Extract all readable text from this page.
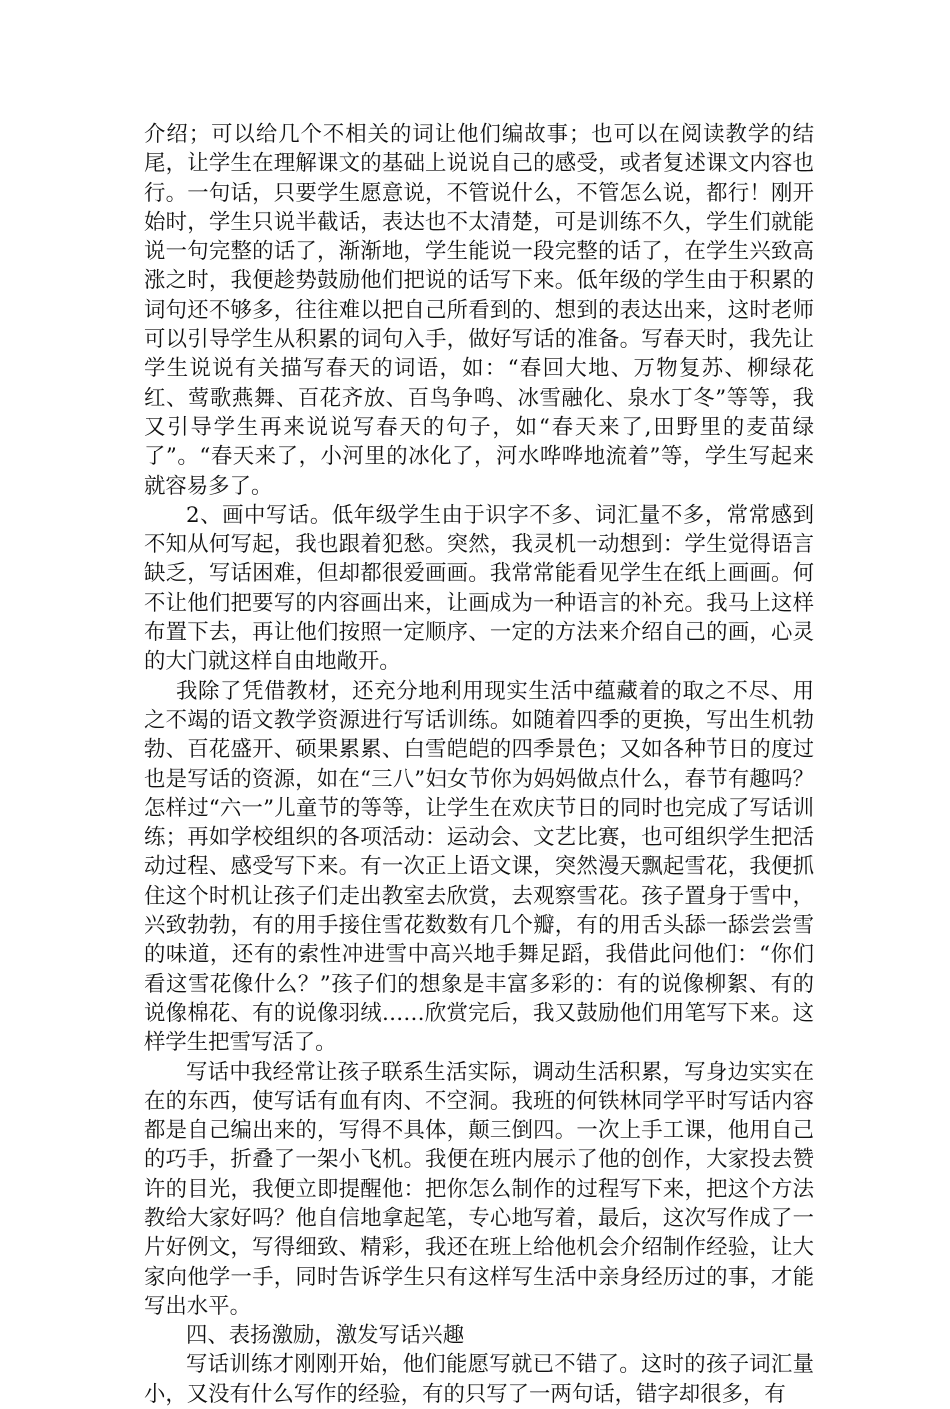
介绍；可以给几个不相关的词让他们编故事；也可以在阅读教学的结尾，让学生在理解课文的基础上说说自己的感受，或者复述课文内容也行。一句话，只要学生愿意说，不管说什么，不管怎么说，都行！刚开始时，学生只说半截话，表达也不太清楚，可是训练不久，学生们就能说一句完整的话了，渐渐地，学生能说一段完整的话了，在学生兴致高涨之时，我便趁势鼓励他们把说的话写下来。低年级的学生由于积累的词句还不够多，往往难以把自己所看到的、想到的表达出来，这时老师可以引导学生从积累的词句入手，做好写话的准备。写春天时，我先让学生说说有关描写春天的词语，如：“春回大地、万物复苏、柳绿花红、莺歌燕舞、百花齐放、百鸟争鸣、冰雪融化、泉水丁冬”等等，我又引导学生再来说说写春天的句子，如“春天来了,田野里的麦苗绿了”。“春天来了，小河里的冰化了，河水哗哗地流着”等，学生写起来就容易多了。

2、画中写话。低年级学生由于识字不多、词汇量不多，常常感到不知从何写起，我也跟着犯愁。突然，我灵机一动想到：学生觉得语言缺乏，写话困难，但却都很爱画画。我常常能看见学生在纸上画画。何不让他们把要写的内容画出来，让画成为一种语言的补充。我马上这样布置下去，再让他们按照一定顺序、一定的方法来介绍自己的画，心灵的大门就这样自由地敞开。

我除了凭借教材，还充分地利用现实生活中蕴藏着的取之不尽、用之不竭的语文教学资源进行写话训练。如随着四季的更换，写出生机勃勃、百花盛开、硕果累累、白雪皑皑的四季景色；又如各种节日的度过也是写话的资源，如在“三八”妇女节你为妈妈做点什么，春节有趣吗？怎样过“六一”儿童节的等等，让学生在欢庆节日的同时也完成了写话训练；再如学校组织的各项活动：运动会、文艺比赛，也可组织学生把活动过程、感受写下来。有一次正上语文课，突然漫天飘起雪花，我便抓住这个时机让孩子们走出教室去欣赏，去观察雪花。孩子置身于雪中，兴致勃勃，有的用手接住雪花数数有几个瓣，有的用舌头舔一舔尝尝雪的味道，还有的索性冲进雪中高兴地手舞足蹈，我借此问他们：“你们看这雪花像什么？”孩子们的想象是丰富多彩的：有的说像柳絮、有的说像棉花、有的说像羽绒……欣赏完后，我又鼓励他们用笔写下来。这样学生把雪写活了。

写话中我经常让孩子联系生活实际，调动生活积累，写身边实实在在的东西，使写话有血有肉、不空洞。我班的何铁林同学平时写话内容都是自己编出来的，写得不具体，颠三倒四。一次上手工课，他用自己的巧手，折叠了一架小飞机。我便在班内展示了他的创作，大家投去赞许的目光，我便立即提醒他：把你怎么制作的过程写下来，把这个方法教给大家好吗？他自信地拿起笔，专心地写着，最后，这次写作成了一片好例文，写得细致、精彩，我还在班上给他机会介绍制作经验，让大家向他学一手，同时告诉学生只有这样写生活中亲身经历过的事，才能写出水平。

四、表扬激励，激发写话兴趣

写话训练才刚刚开始，他们能愿写就已不错了。这时的孩子词汇量小，又没有什么写作的经验，有的只写了一两句话，错字却很多，有
